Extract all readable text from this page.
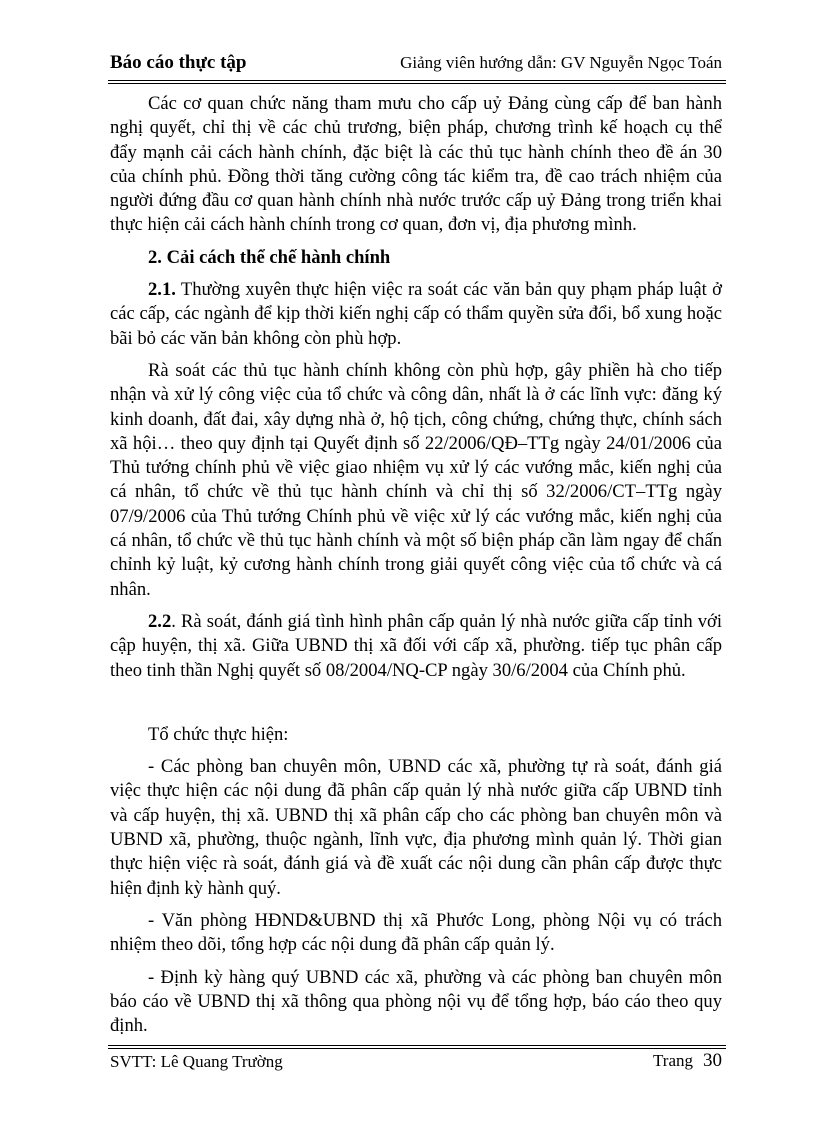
Báo cáo thực tập	Giảng viên hướng dẫn: GV Nguyễn Ngọc Toán

Các cơ quan chức năng tham mưu cho cấp uỷ Đảng cùng cấp để ban hành nghị quyết, chỉ thị về các chủ trương, biện pháp, chương trình kế hoạch cụ thể đẩy mạnh cải cách hành chính, đặc biệt là các thủ tục hành chính theo đề án 30 của chính phủ. Đồng thời tăng cường công tác kiểm tra, đề cao trách nhiệm của người đứng đầu cơ quan hành chính nhà nước trước cấp uỷ Đảng trong triển khai thực hiện cải cách hành chính trong cơ quan, đơn vị, địa phương mình.

2. Cải cách thể chế hành chính

2.1. Thường xuyên thực hiện việc ra soát các văn bản quy phạm pháp luật ở các cấp, các ngành để kịp thời kiến nghị cấp có thẩm quyền sửa đổi, bổ xung hoặc bãi bỏ các văn bản không còn phù hợp.

Rà soát các thủ tục hành chính không còn phù hợp, gây phiền hà cho tiếp nhận và xử lý công việc của tổ chức và công dân, nhất là ở các lĩnh vực: đăng ký kinh doanh, đất đai, xây dựng nhà ở, hộ tịch, công chứng, chứng thực, chính sách xã hội… theo quy định tại Quyết định số 22/2006/QĐ–TTg ngày 24/01/2006 của Thủ tướng chính phủ về việc giao nhiệm vụ xử lý các vướng mắc, kiến nghị của cá nhân, tổ chức về thủ tục hành chính và chỉ thị số 32/2006/CT–TTg ngày 07/9/2006 của Thủ tướng Chính phủ về việc xử lý các vướng mắc, kiến nghị của cá nhân, tổ chức về thủ tục hành chính và một số biện pháp cần làm ngay để chấn chỉnh kỷ luật, kỷ cương hành chính trong giải quyết công việc của tổ chức và cá nhân.

2.2. Rà soát, đánh giá tình hình phân cấp quản lý nhà nước giữa cấp tỉnh với cập huyện, thị xã. Giữa UBND thị xã đối với cấp xã, phường. tiếp tục phân cấp theo tinh thần Nghị quyết số 08/2004/NQ-CP ngày 30/6/2004 của Chính phủ.

Tổ chức thực hiện:

- Các phòng ban chuyên môn, UBND các xã, phường tự rà soát, đánh giá việc thực hiện các nội dung đã phân cấp quản lý nhà nước giữa cấp UBND tỉnh và cấp huyện, thị xã. UBND thị xã phân cấp cho các phòng ban chuyên môn và UBND xã, phường, thuộc ngành, lĩnh vực, địa phương mình quản lý. Thời gian thực hiện việc rà soát, đánh giá và đề xuất các nội dung cần phân cấp được thực hiện định kỳ hành quý.

- Văn phòng HĐND&UBND thị xã Phước Long, phòng Nội vụ có trách nhiệm theo dõi, tổng hợp các nội dung đã phân cấp quản lý.

- Định kỳ hàng quý UBND các xã, phường và các phòng ban chuyên môn báo cáo về UBND thị xã thông qua phòng nội vụ để tổng hợp, báo cáo theo quy định.

SVTT: Lê Quang Trường	Trang 30
